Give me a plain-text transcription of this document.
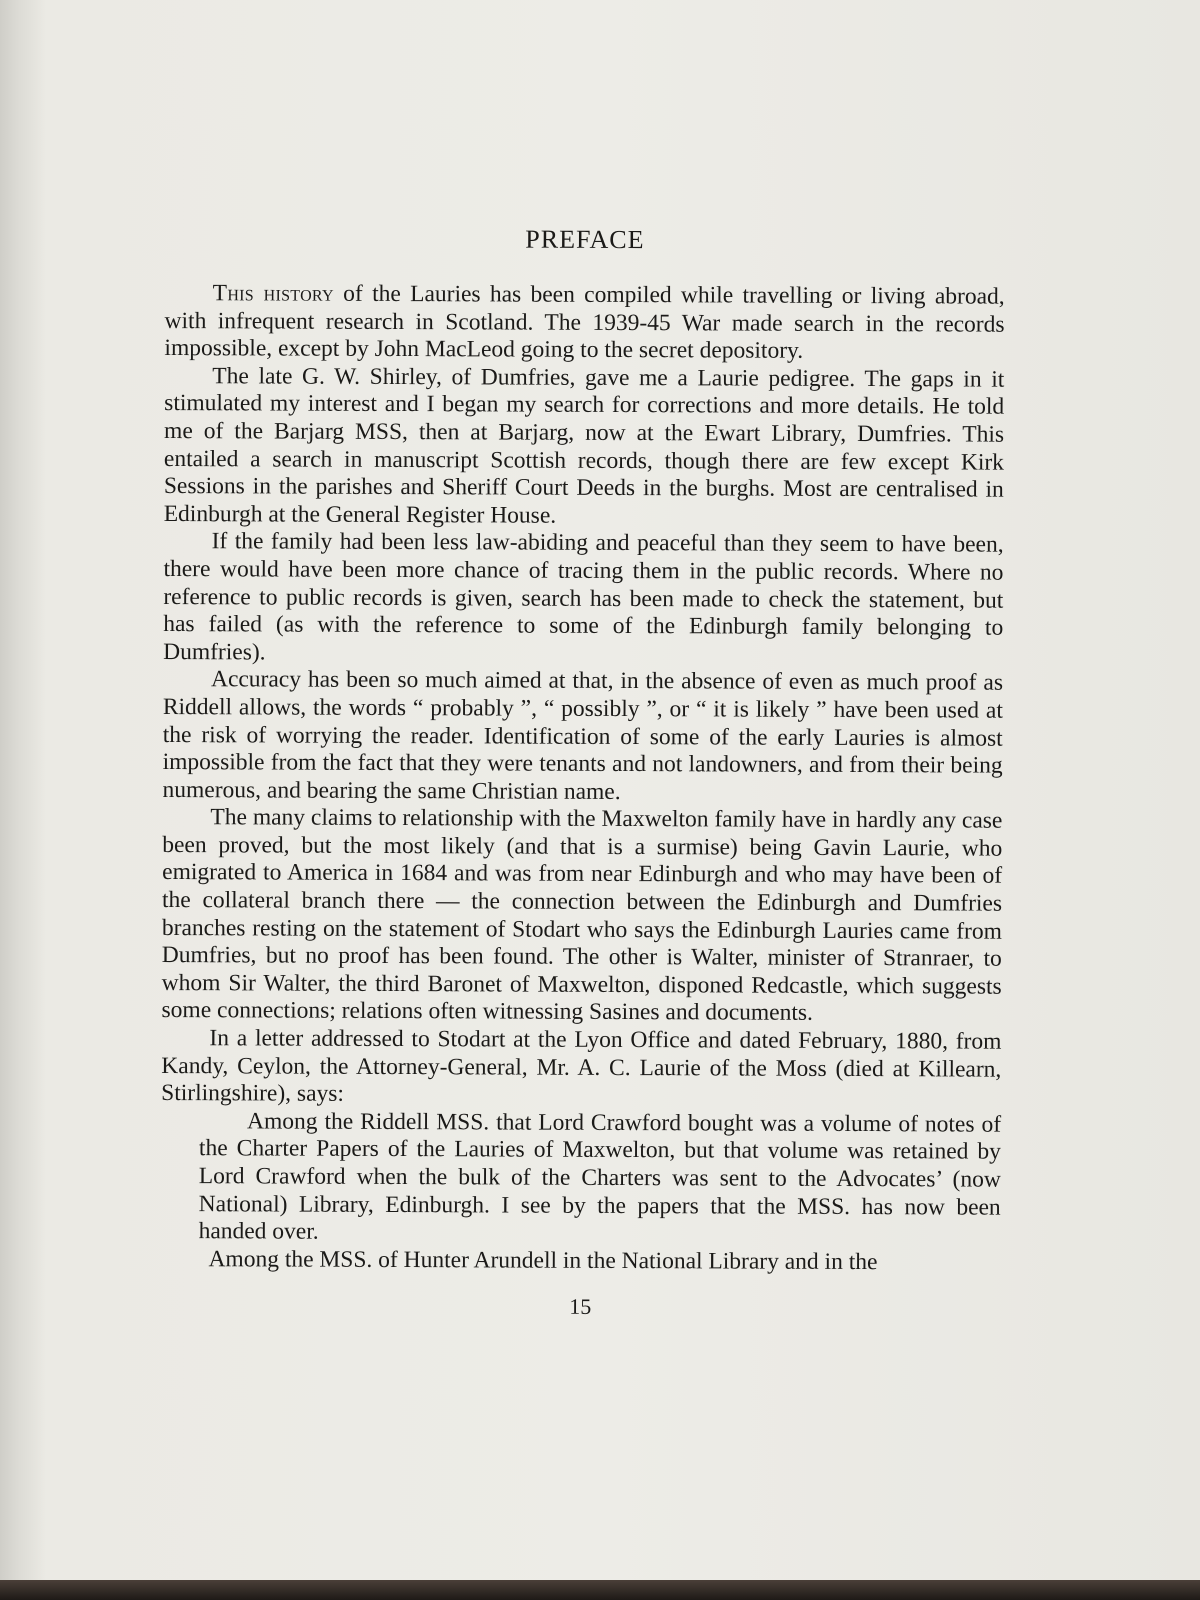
PREFACE

This history of the Lauries has been compiled while travelling or living abroad, with infrequent research in Scotland. The 1939-45 War made search in the records impossible, except by John MacLeod going to the secret depository.

The late G. W. Shirley, of Dumfries, gave me a Laurie pedigree. The gaps in it stimulated my interest and I began my search for corrections and more details. He told me of the Barjarg MSS, then at Barjarg, now at the Ewart Library, Dumfries. This entailed a search in manuscript Scottish records, though there are few except Kirk Sessions in the parishes and Sheriff Court Deeds in the burghs. Most are centralised in Edinburgh at the General Register House.

If the family had been less law-abiding and peaceful than they seem to have been, there would have been more chance of tracing them in the public records. Where no reference to public records is given, search has been made to check the statement, but has failed (as with the reference to some of the Edinburgh family belonging to Dumfries).

Accuracy has been so much aimed at that, in the absence of even as much proof as Riddell allows, the words “ probably ”, “ possibly ”, or “ it is likely ” have been used at the risk of worrying the reader. Identification of some of the early Lauries is almost impossible from the fact that they were tenants and not landowners, and from their being numerous, and bearing the same Christian name.

The many claims to relationship with the Maxwelton family have in hardly any case been proved, but the most likely (and that is a surmise) being Gavin Laurie, who emigrated to America in 1684 and was from near Edinburgh and who may have been of the collateral branch there — the connection between the Edinburgh and Dumfries branches resting on the statement of Stodart who says the Edinburgh Lauries came from Dumfries, but no proof has been found. The other is Walter, minister of Stranraer, to whom Sir Walter, the third Baronet of Maxwelton, disponed Redcastle, which suggests some connections; relations often witnessing Sasines and documents.

In a letter addressed to Stodart at the Lyon Office and dated February, 1880, from Kandy, Ceylon, the Attorney-General, Mr. A. C. Laurie of the Moss (died at Killearn, Stirlingshire), says:

Among the Riddell MSS. that Lord Crawford bought was a volume of notes of the Charter Papers of the Lauries of Maxwelton, but that volume was retained by Lord Crawford when the bulk of the Charters was sent to the Advocates’ (now National) Library, Edinburgh. I see by the papers that the MSS. has now been handed over.

Among the MSS. of Hunter Arundell in the National Library and in the

15
